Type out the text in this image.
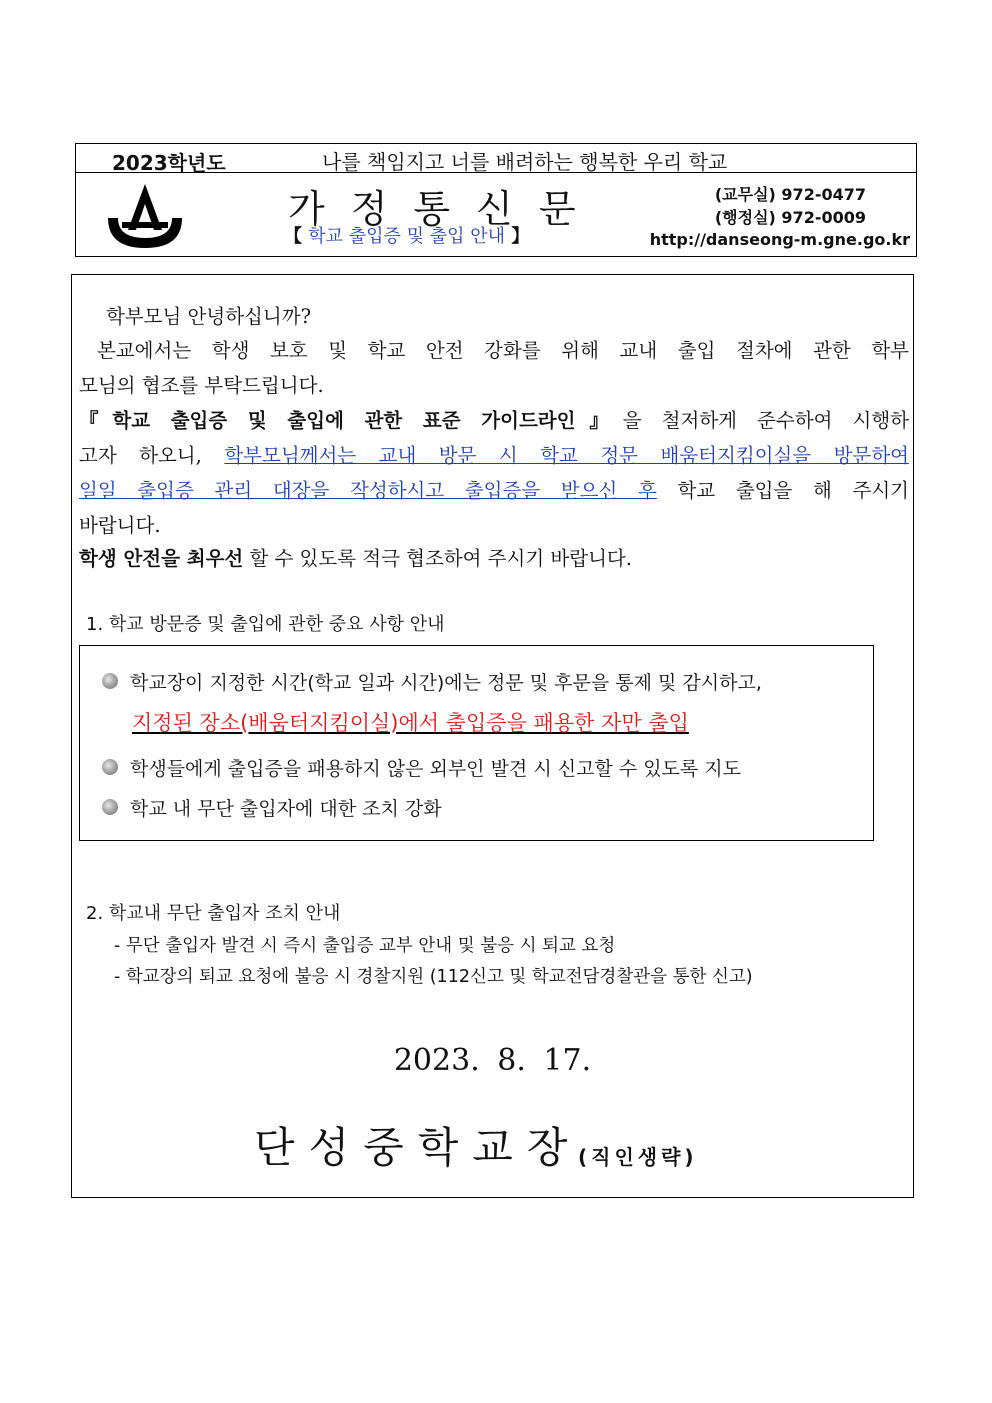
2023학년도	나를 책임지고 너를 배려하는 행복한 우리 학교
가정통신문
【 학교 출입증 및 출입 안내 】
(교무실) 972-0477
(행정실) 972-0009
http://danseong-m.gne.go.kr
학부모님 안녕하십니까?
본교에서는 학생 보호 및 학교 안전 강화를 위해 교내 출입 절차에 관한 학부
모님의 협조를 부탁드립니다.
『학교 출입증 및 출입에 관한 표준 가이드라인』을 철저하게 준수하여 시행하
고자 하오니, 학부모님께서는 교내 방문 시 학교 정문 배움터지킴이실을 방문하여
일일 출입증 관리 대장을 작성하시고 출입증을 받으신 후 학교 출입을 해 주시기
바랍니다.
학생 안전을 최우선 할 수 있도록 적극 협조하여 주시기 바랍니다.
1. 학교 방문증 및 출입에 관한 중요 사항 안내
학교장이 지정한 시간(학교 일과 시간)에는 정문 및 후문을 통제 및 감시하고,
지정된 장소(배움터지킴이실)에서 출입증을 패용한 자만 출입
학생들에게 출입증을 패용하지 않은 외부인 발견 시 신고할 수 있도록 지도
학교 내 무단 출입자에 대한 조치 강화
2. 학교내 무단 출입자 조치 안내
- 무단 출입자 발견 시 즉시 출입증 교부 안내 및 불응 시 퇴교 요청
- 학교장의 퇴교 요청에 불응 시 경찰지원 (112신고 및 학교전담경찰관을 통한 신고)
2023. 8. 17.
단성중학교장
(직인생략)
